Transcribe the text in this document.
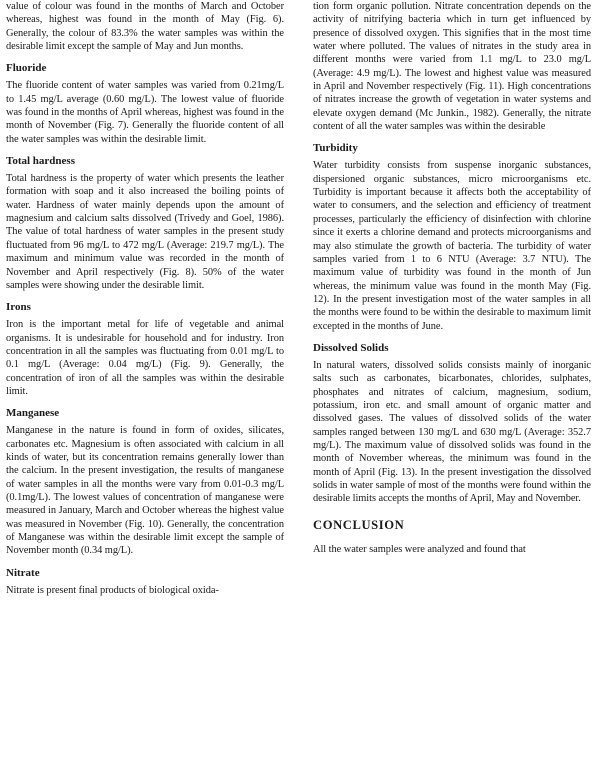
value of colour was found in the months of March and October whereas, highest was found in the month of May (Fig. 6). Generally, the colour of 83.3% the water samples was within the desirable limit except the sample of May and Jun months.

Fluoride

The fluoride content of water samples was varied from 0.21mg/L to 1.45 mg/L average (0.60 mg/L). The lowest value of fluoride was found in the months of April whereas, highest was found in the month of November (Fig. 7). Generally the fluoride content of all the water samples was within the desirable limit.

Total hardness

Total hardness is the property of water which presents the leather formation with soap and it also increased the boiling points of water. Hardness of water mainly depends upon the amount of magnesium and calcium salts dissolved (Trivedy and Goel, 1986). The value of total hardness of water samples in the present study fluctuated from 96 mg/L to 472 mg/L (Average: 219.7 mg/L). The maximum and minimum value was recorded in the month of November and April respectively (Fig. 8). 50% of the water samples were showing under the desirable limit.

Irons

Iron is the important metal for life of vegetable and animal organisms. It is undesirable for household and for industry. Iron concentration in all the samples was fluctuating from 0.01 mg/L to 0.1 mg/L (Average: 0.04 mg/L) (Fig. 9). Generally, the concentration of iron of all the samples was within the desirable limit.

Manganese

Manganese in the nature is found in form of oxides, silicates, carbonates etc. Magnesium is often associated with calcium in all kinds of water, but its concentration remains generally lower than the calcium. In the present investigation, the results of manganese of water samples in all the months were vary from 0.01-0.3 mg/L (0.1mg/L). The lowest values of concentration of manganese were measured in January, March and October whereas the highest value was measured in November (Fig. 10). Generally, the concentration of Manganese was within the desirable limit except the sample of November month (0.34 mg/L).

Nitrate

Nitrate is present final products of biological oxida-

tion form organic pollution. Nitrate concentration depends on the activity of nitrifying bacteria which in turn get influenced by presence of dissolved oxygen. This signifies that in the most time water where polluted. The values of nitrates in the study area in different months were varied from 1.1 mg/L to 23.0 mg/L (Average: 4.9 mg/L). The lowest and highest value was measured in April and November respectively (Fig. 11). High concentrations of nitrates increase the growth of vegetation in water systems and elevate oxygen demand (Mc Junkin., 1982). Generally, the nitrate content of all the water samples was within the desirable

Turbidity

Water turbidity consists from suspense inorganic substances, dispersioned organic substances, micro microorganisms etc. Turbidity is important because it affects both the acceptability of water to consumers, and the selection and efficiency of treatment processes, particularly the efficiency of disinfection with chlorine since it exerts a chlorine demand and protects microorganisms and may also stimulate the growth of bacteria. The turbidity of water samples varied from 1 to 6 NTU (Average: 3.7 NTU). The maximum value of turbidity was found in the month of Jun whereas, the minimum value was found in the month May (Fig. 12). In the present investigation most of the water samples in all the months were found to be within the desirable to maximum limit excepted in the months of June.

Dissolved Solids

In natural waters, dissolved solids consists mainly of inorganic salts such as carbonates, bicarbonates, chlorides, sulphates, phosphates and nitrates of calcium, magnesium, sodium, potassium, iron etc. and small amount of organic matter and dissolved gases. The values of dissolved solids of the water samples ranged between 130 mg/L and 630 mg/L (Average: 352.7 mg/L). The maximum value of dissolved solids was found in the month of November whereas, the minimum was found in the month of April (Fig. 13). In the present investigation the dissolved solids in water sample of most of the months were found within the desirable limits accepts the months of April, May and November.

CONCLUSION

All the water samples were analyzed and found that
